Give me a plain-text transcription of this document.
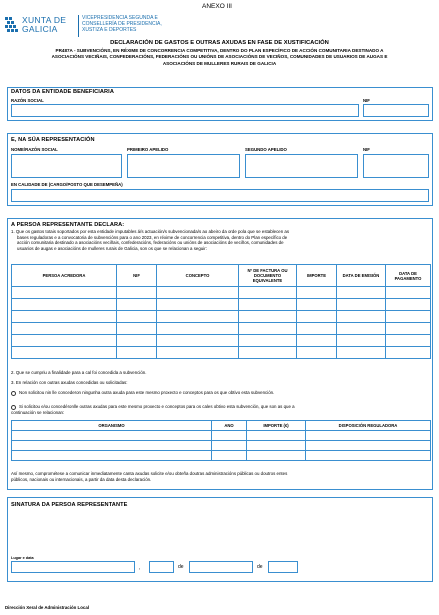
ANEXO III
XUNTA DE GALICIA
VICEPRESIDENCIA SEGUNDA E
CONSELLERÍA DE PRESIDENCIA,
XUSTIZA E DEPORTES
DECLARACIÓN DE GASTOS E OUTRAS AXUDAS EN FASE DE XUSTIFICACIÓN
PR487A - SUBVENCIÓNS, EN RÉXIME DE CONCORRENCIA COMPETITIVA, DENTRO DO PLAN ESPECÍFICO DE ACCIÓN COMUNITARIA DESTINADO A
ASOCIACIÓNS VECIÑAIS, CONFEDERACIÓNS, FEDERACIÓNS OU UNIÓNS DE ASOCIACIÓNS DE VECIÑOS, COMUNIDADES DE USUARIOS DE AUGAS E
ASOCIACIÓNS DE MULLERES RURAIS DE GALICIA
DATOS DA ENTIDADE BENEFICIARIA
RAZÓN SOCIAL	NIF
E, NA SÚA REPRESENTACIÓN
NOME/RAZÓN SOCIAL	PRIMEIRO APELIDO	SEGUNDO APELIDO	NIF
EN CALIDADE DE (CARGO/POSTO QUE DESEMPEÑA)
A PERSOA REPRESENTANTE DECLARA:
1. Que os gastos totais soportados por esta entidade imputables á/s actuación/s subvencionada/s ao abeiro da orde pola que se establecen as
bases reguladoras e a convocatoria de subvencións para o ano 2023, en réxime de concorrencia competitiva, dentro do Plan específico de
acción comunitaria destinado a asociacións veciñais, confederacións, federacións ou unións de asociacións de veciños, comunidades de
usuarios de augas e asociacións de mulleres rurais de Galicia, son os que se relacionan a seguir:
PERSOA ACREDORA	NIF	CONCEPTO	Nº DE FACTURA OU DOCUMENTO EQUIVALENTE	IMPORTE	DATA DE EMISIÓN	DATA DE PAGAMENTO

2. Que se cumpriu a finalidade para a cal foi concedida a subvención.
3. En relación con outras axudas concedidas ou solicitadas:
Non solicitou nin lle concederon ningunha outra axuda para este mesmo proxecto e conceptos para os que obtivo esta subvención.
Si solicitou e/ou concedéronlle outras axudas para este mesmo proxecto e conceptos para os cales obtivo esta subvención, que son as que a
continuación se relacionan:
ORGANISMO	ANO	IMPORTE (€)	DISPOSICIÓN REGULADORA

Así mesmo, comprométese a comunicar inmediatamente canta axudas solicite e/ou obteña doutras administracións públicas ou doutros entes
públicos, nacionais ou internacionais, a partir da data desta declaración.
SINATURA DA PERSOA REPRESENTANTE
Lugar e data
,	de	de
Dirección Xeral de Administración Local
